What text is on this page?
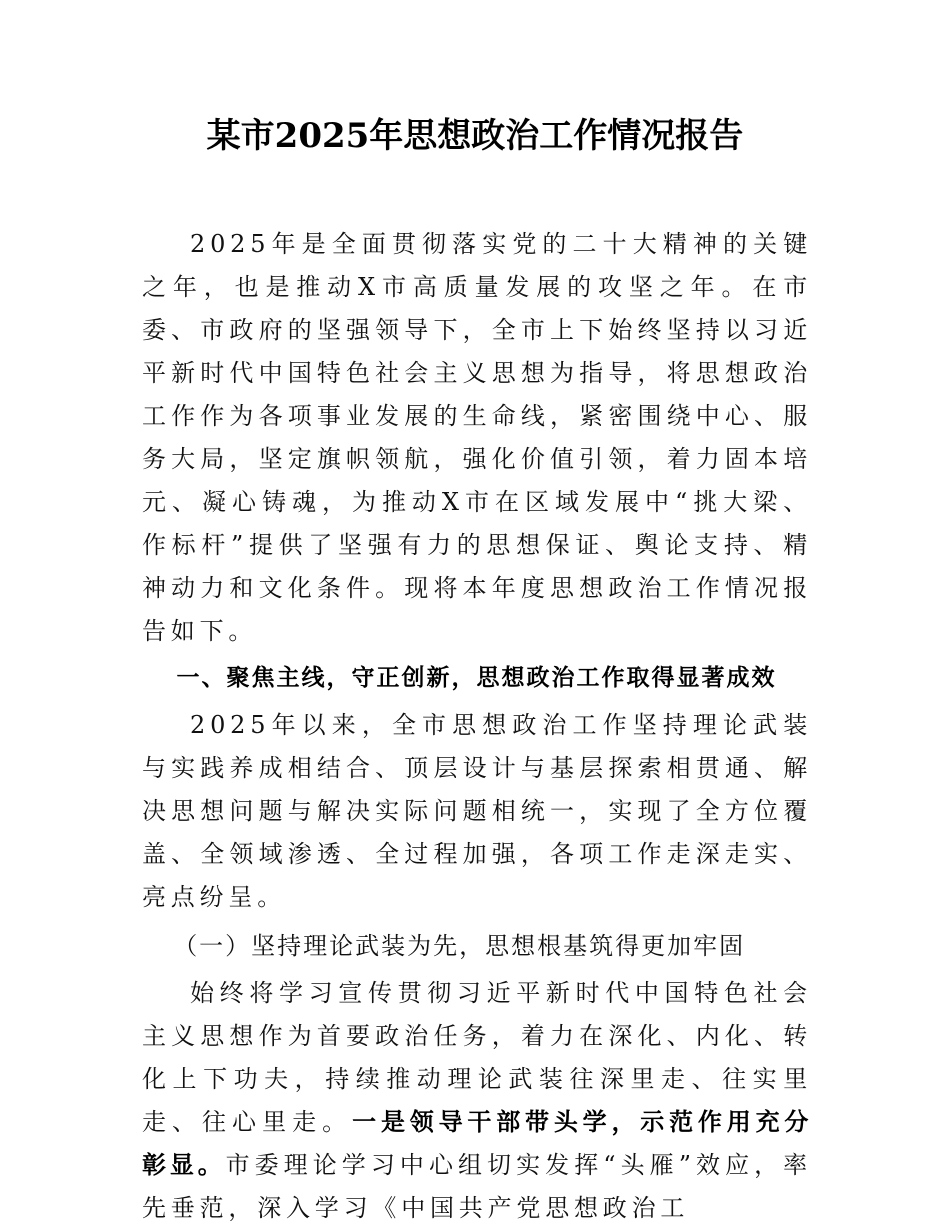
某市2025年思想政治工作情况报告

2025年是全面贯彻落实党的二十大精神的关键之年，也是推动X市高质量发展的攻坚之年。在市委、市政府的坚强领导下，全市上下始终坚持以习近平新时代中国特色社会主义思想为指导，将思想政治工作作为各项事业发展的生命线，紧密围绕中心、服务大局，坚定旗帜领航，强化价值引领，着力固本培元、凝心铸魂，为推动X市在区域发展中“挑大梁、作标杆”提供了坚强有力的思想保证、舆论支持、精神动力和文化条件。现将本年度思想政治工作情况报告如下。

一、聚焦主线，守正创新，思想政治工作取得显著成效

2025年以来，全市思想政治工作坚持理论武装与实践养成相结合、顶层设计与基层探索相贯通、解决思想问题与解决实际问题相统一，实现了全方位覆盖、全领域渗透、全过程加强，各项工作走深走实、亮点纷呈。

（一）坚持理论武装为先，思想根基筑得更加牢固

始终将学习宣传贯彻习近平新时代中国特色社会主义思想作为首要政治任务，着力在深化、内化、转化上下功夫，持续推动理论武装往深里走、往实里走、往心里走。一是领导干部带头学，示范作用充分彰显。市委理论学习中心组切实发挥“头雁”效应，率先垂范，深入学习《中国共产党思想政治工
